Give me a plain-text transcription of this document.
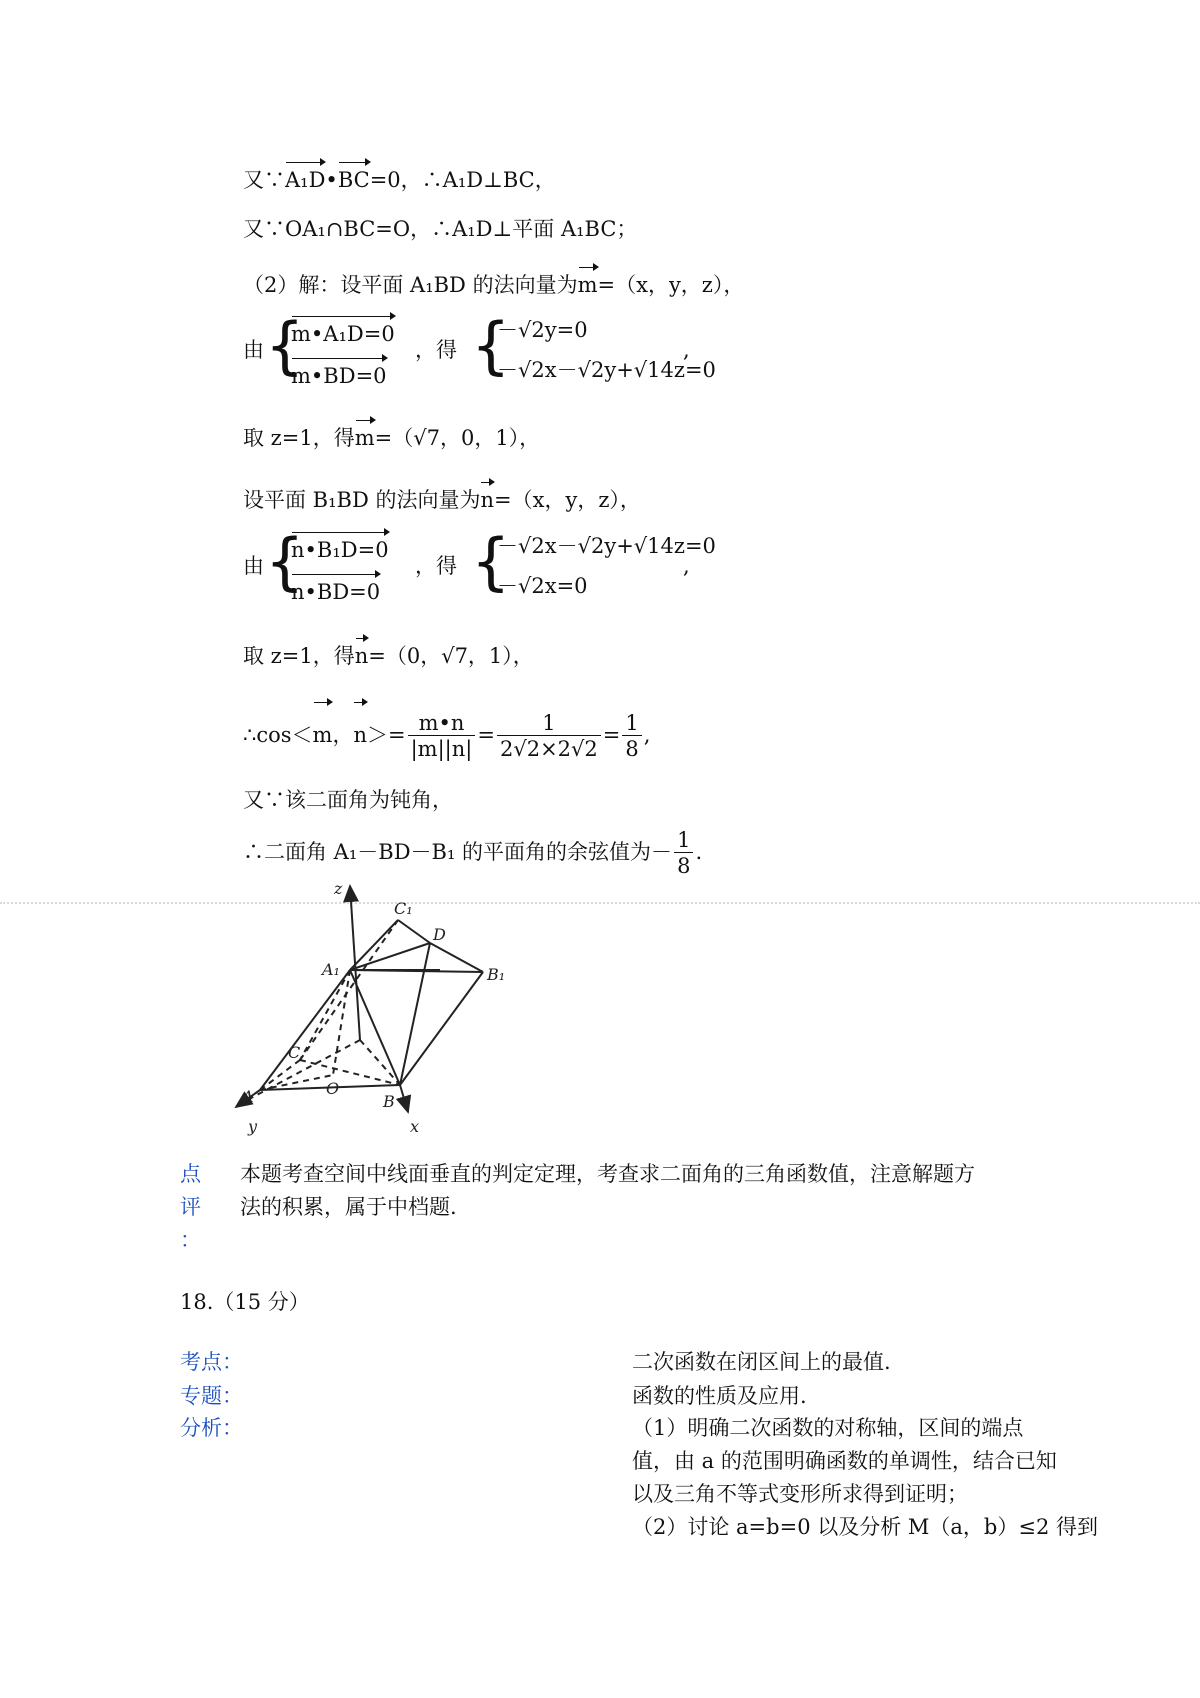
又∵A₁D•BC=0，∴A₁D⊥BC，
又∵OA₁∩BC=O，∴A₁D⊥平面 A₁BC；
（2）解：设平面 A₁BD 的法向量为m=（x，y，z），
由 {
m•A₁D=0
m•BD=0
，得 {
－√2y=0
－√2x－√2y+√14z=0
,
取 z=1，得m=（√7，0，1），
设平面 B₁BD 的法向量为n=（x，y，z），
由 {
n•B₁D=0
n•BD=0
，得 {
－√2x－√2y+√14z=0
－√2x=0
,
取 z=1，得n=（0，√7，1），
∴cos＜m，$n>= \frac{m•n}{|m||n|} = \frac{1}{2√2\times 2√2} = \frac{1}{8}$ ,
又∵该二面角为钝角，
∴二面角 A₁－BD－B₁ 的平面角的余弦值为－ $\frac{1}{8}$ .
z
C₁
D
A₁	B₁
C
O
A	B
y	x
点
评
：
本题考查空间中线面垂直的判定定理，考查求二面角的三角函数值，注意解题方
法的积累，属于中档题.
18.（15 分）
考点：	二次函数在闭区间上的最值.
专题：	函数的性质及应用.
分析：	（1）明确二次函数的对称轴，区间的端点
值，由 a 的范围明确函数的单调性，结合已知
以及三角不等式变形所求得到证明；
（2）讨论 a=b=0 以及分析 M（a，b）≤2 得到
